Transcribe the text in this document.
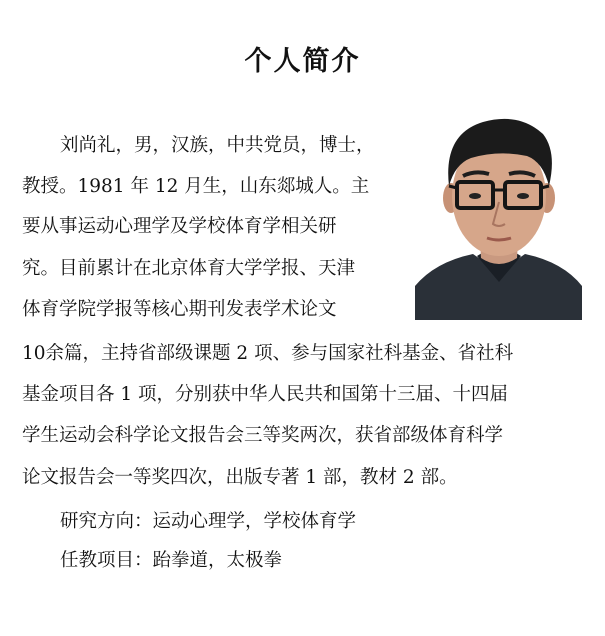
个人简介
刘尚礼，男，汉族，中共党员，博士，
教授。1981 年 12 月生，山东郯城人。主
要从事运动心理学及学校体育学相关研
究。目前累计在北京体育大学学报、天津
体育学院学报等核心期刊发表学术论文
10余篇，主持省部级课题 2 项、参与国家社科基金、省社科
基金项目各 1 项，分别获中华人民共和国第十三届、十四届
学生运动会科学论文报告会三等奖两次，获省部级体育科学
论文报告会一等奖四次，出版专著 1 部，教材 2 部。
研究方向：运动心理学，学校体育学
任教项目：跆拳道，太极拳
